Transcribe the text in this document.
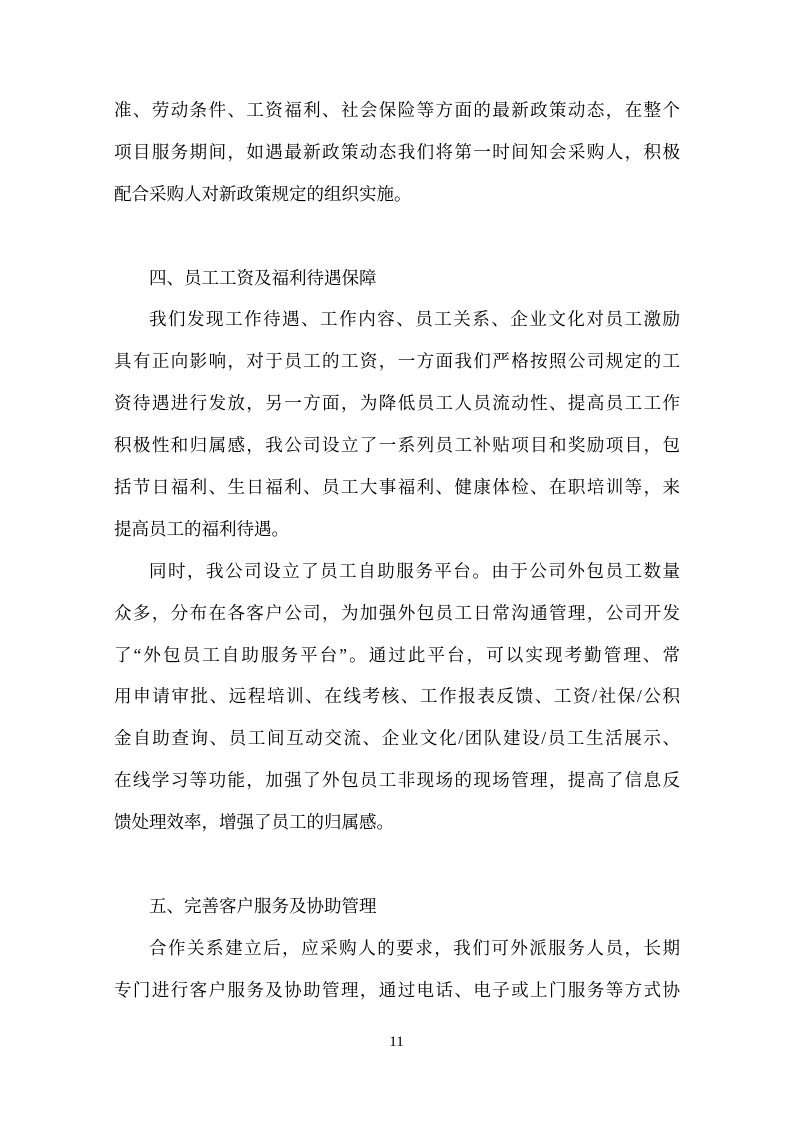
准、劳动条件、工资福利、社会保险等方面的最新政策动态，在整个
项目服务期间，如遇最新政策动态我们将第一时间知会采购人，积极
配合采购人对新政策规定的组织实施。
四、员工工资及福利待遇保障
我们发现工作待遇、工作内容、员工关系、企业文化对员工激励
具有正向影响，对于员工的工资，一方面我们严格按照公司规定的工
资待遇进行发放，另一方面，为降低员工人员流动性、提高员工工作
积极性和归属感，我公司设立了一系列员工补贴项目和奖励项目，包
括节日福利、生日福利、员工大事福利、健康体检、在职培训等，来
提高员工的福利待遇。
同时，我公司设立了员工自助服务平台。由于公司外包员工数量
众多，分布在各客户公司，为加强外包员工日常沟通管理，公司开发
了“外包员工自助服务平台”。通过此平台，可以实现考勤管理、常
用申请审批、远程培训、在线考核、工作报表反馈、工资/社保/公积
金自助查询、员工间互动交流、企业文化/团队建设/员工生活展示、
在线学习等功能，加强了外包员工非现场的现场管理，提高了信息反
馈处理效率，增强了员工的归属感。
五、完善客户服务及协助管理
合作关系建立后，应采购人的要求，我们可外派服务人员，长期
专门进行客户服务及协助管理，通过电话、电子或上门服务等方式协
11
